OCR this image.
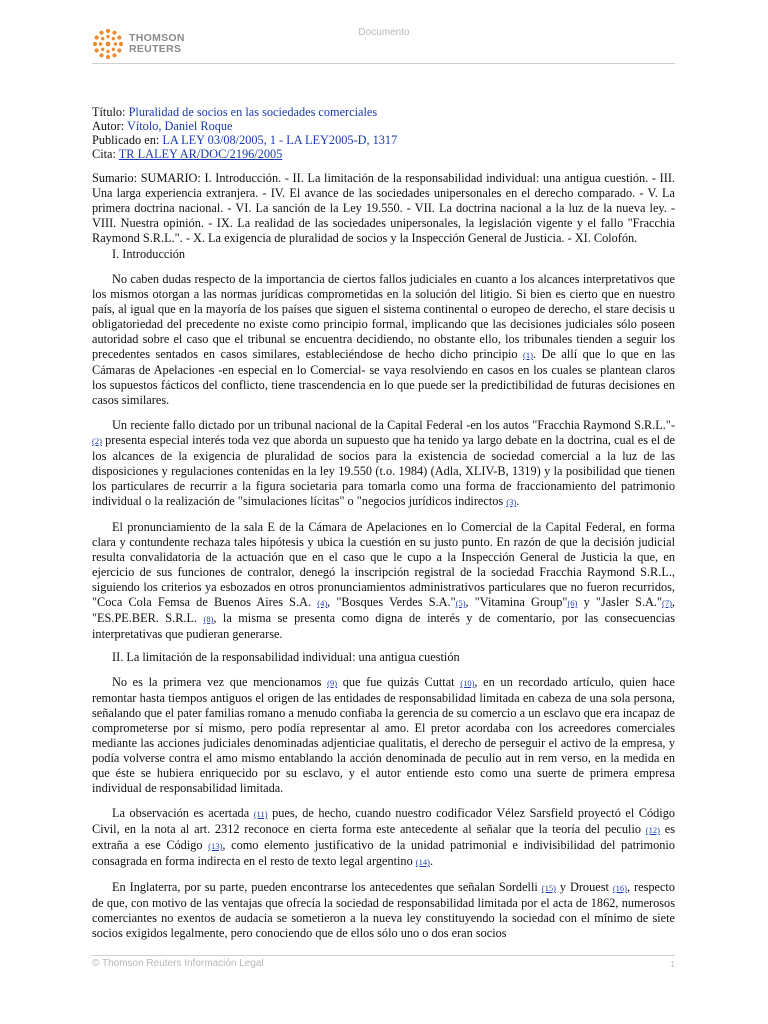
Documento
THOMSON
REUTERS
Título: Pluralidad de socios en las sociedades comerciales
Autor: Vítolo, Daniel Roque
Publicado en: LA LEY 03/08/2005, 1 - LA LEY2005-D, 1317
Cita: TR LALEY AR/DOC/2196/2005

Sumario: SUMARIO: I. Introducción. - II. La limitación de la responsabilidad individual: una antigua cuestión. - III. Una larga experiencia extranjera. - IV. El avance de las sociedades unipersonales en el derecho comparado. - V. La primera doctrina nacional. - VI. La sanción de la Ley 19.550. - VII. La doctrina nacional a la luz de la nueva ley. - VIII. Nuestra opinión. - IX. La realidad de las sociedades unipersonales, la legislación vigente y el fallo "Fracchia Raymond S.R.L.". - X. La exigencia de pluralidad de socios y la Inspección General de Justicia. - XI. Colofón.

I. Introducción

No caben dudas respecto de la importancia de ciertos fallos judiciales en cuanto a los alcances interpretativos que los mismos otorgan a las normas jurídicas comprometidas en la solución del litigio. Si bien es cierto que en nuestro país, al igual que en la mayoría de los países que siguen el sistema continental o europeo de derecho, el stare decisis u obligatoriedad del precedente no existe como principio formal, implicando que las decisiones judiciales sólo poseen autoridad sobre el caso que el tribunal se encuentra decidiendo, no obstante ello, los tribunales tienden a seguir los precedentes sentados en casos similares, estableciéndose de hecho dicho principio (1). De allí que lo que en las Cámaras de Apelaciones -en especial en lo Comercial- se vaya resolviendo en casos en los cuales se plantean claros los supuestos fácticos del conflicto, tiene trascendencia en lo que puede ser la predictibilidad de futuras decisiones en casos similares.

Un reciente fallo dictado por un tribunal nacional de la Capital Federal -en los autos "Fracchia Raymond S.R.L."- (2) presenta especial interés toda vez que aborda un supuesto que ha tenido ya largo debate en la doctrina, cual es el de los alcances de la exigencia de pluralidad de socios para la existencia de sociedad comercial a la luz de las disposiciones y regulaciones contenidas en la ley 19.550 (t.o. 1984) (Adla, XLIV-B, 1319) y la posibilidad que tienen los particulares de recurrir a la figura societaria para tomarla como una forma de fraccionamiento del patrimonio individual o la realización de "simulaciones lícitas" o "negocios jurídicos indirectos (3).

El pronunciamiento de la sala E de la Cámara de Apelaciones en lo Comercial de la Capital Federal, en forma clara y contundente rechaza tales hipótesis y ubica la cuestión en su justo punto. En razón de que la decisión judicial resulta convalidatoria de la actuación que en el caso que le cupo a la Inspección General de Justicia la que, en ejercicio de sus funciones de contralor, denegó la inscripción registral de la sociedad Fracchia Raymond S.R.L., siguiendo los criterios ya esbozados en otros pronunciamientos administrativos particulares que no fueron recurridos, "Coca Cola Femsa de Buenos Aires S.A. (4), "Bosques Verdes S.A."(5), "Vitamina Group"(6) y "Jasler S.A."(7), "ES.PE.BER. S.R.L. (8), la misma se presenta como digna de interés y de comentario, por las consecuencias interpretativas que pudieran generarse.

II. La limitación de la responsabilidad individual: una antigua cuestión

No es la primera vez que mencionamos (9) que fue quizás Cuttat (10), en un recordado artículo, quien hace remontar hasta tiempos antiguos el origen de las entidades de responsabilidad limitada en cabeza de una sola persona, señalando que el pater familias romano a menudo confiaba la gerencia de su comercio a un esclavo que era incapaz de comprometerse por sí mismo, pero podía representar al amo. El pretor acordaba con los acreedores comerciales mediante las acciones judiciales denominadas adjenticiae qualitatis, el derecho de perseguir el activo de la empresa, y podía volverse contra el amo mismo entablando la acción denominada de peculio aut in rem verso, en la medida en que éste se hubiera enriquecido por su esclavo, y el autor entiende esto como una suerte de primera empresa individual de responsabilidad limitada.

La observación es acertada (11) pues, de hecho, cuando nuestro codificador Vélez Sarsfield proyectó el Código Civil, en la nota al art. 2312 reconoce en cierta forma este antecedente al señalar que la teoría del peculio (12) es extraña a ese Código (13), como elemento justificativo de la unidad patrimonial e indivisibilidad del patrimonio consagrada en forma indirecta en el resto de texto legal argentino (14).

En Inglaterra, por su parte, pueden encontrarse los antecedentes que señalan Sordelli (15) y Drouest (16), respecto de que, con motivo de las ventajas que ofrecía la sociedad de responsabilidad limitada por el acta de 1862, numerosos comerciantes no exentos de audacia se sometieron a la nueva ley constituyendo la sociedad con el mínimo de siete socios exigidos legalmente, pero conociendo que de ellos sólo uno o dos eran socios

© Thomson Reuters Información Legal	1
